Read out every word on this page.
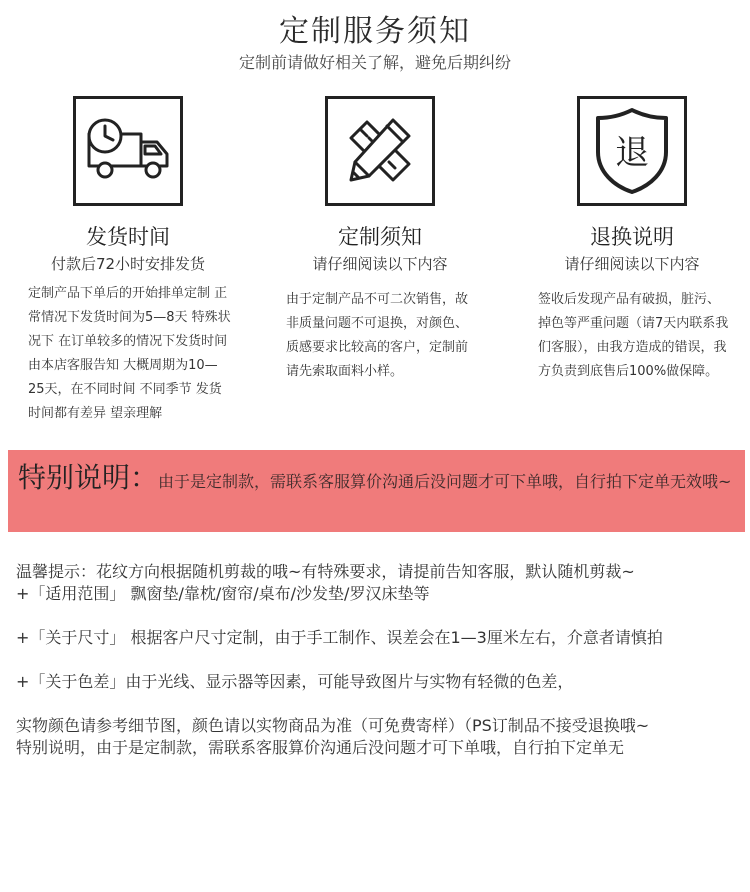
定制服务须知
定制前请做好相关了解，避免后期纠纷
发货时间
付款后72小时安排发货
定制产品下单后的开始排单定制 正常情况下发货时间为5—8天 特殊状况下 在订单较多的情况下发货时间由本店客服告知 大概周期为10—25天，在不同时间 不同季节 发货时间都有差异 望亲理解
定制须知
请仔细阅读以下内容
由于定制产品不可二次销售，故非质量问题不可退换，对颜色、质感要求比较高的客户，定制前请先索取面料小样。
退
退换说明
请仔细阅读以下内容
签收后发现产品有破损，脏污、掉色等严重问题（请7天内联系我们客服），由我方造成的错误，我方负责到底售后100%做保障。
特别说明：由于是定制款，需联系客服算价沟通后没问题才可下单哦，自行拍下定单无效哦~

温馨提示：花纹方向根据随机剪裁的哦~有特殊要求，请提前告知客服，默认随机剪裁~

+「适用范围」 飘窗垫/靠枕/窗帘/桌布/沙发垫/罗汉床垫等

+「关于尺寸」 根据客户尺寸定制，由于手工制作、误差会在1—3厘米左右，介意者请慎拍

+「关于色差」由于光线、显示器等因素，可能导致图片与实物有轻微的色差，

实物颜色请参考细节图，颜色请以实物商品为准（可免费寄样）（PS订制品不接受退换哦~

特别说明，由于是定制款，需联系客服算价沟通后没问题才可下单哦，自行拍下定单无
